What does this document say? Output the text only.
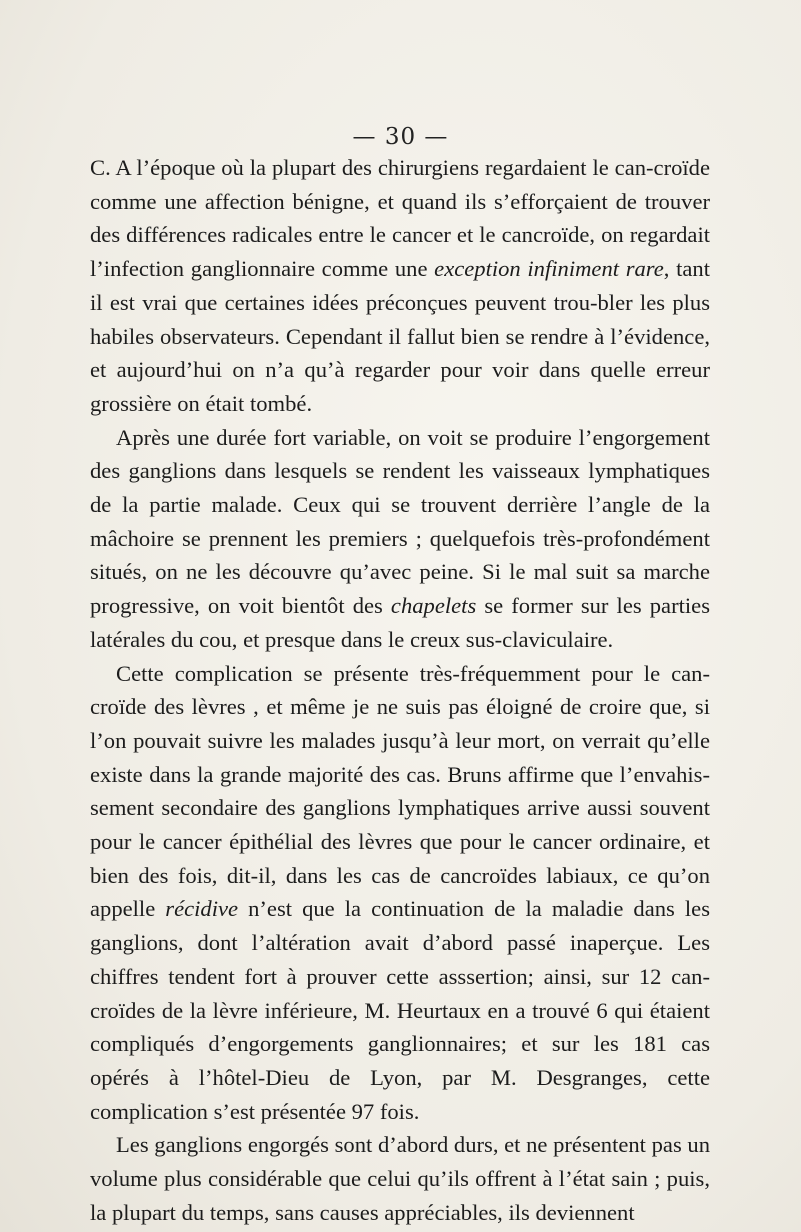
— 30 —

C. A l’époque où la plupart des chirurgiens regardaient le can-croïde comme une affection bénigne, et quand ils s’efforçaient de trouver des différences radicales entre le cancer et le cancroïde, on regardait l’infection ganglionnaire comme une exception infiniment rare, tant il est vrai que certaines idées préconçues peuvent trou-bler les plus habiles observateurs. Cependant il fallut bien se rendre à l’évidence, et aujourd’hui on n’a qu’à regarder pour voir dans quelle erreur grossière on était tombé.

Après une durée fort variable, on voit se produire l’engorgement des ganglions dans lesquels se rendent les vaisseaux lymphatiques de la partie malade. Ceux qui se trouvent derrière l’angle de la mâchoire se prennent les premiers ; quelquefois très-profondément situés, on ne les découvre qu’avec peine. Si le mal suit sa marche progressive, on voit bientôt des chapelets se former sur les parties latérales du cou, et presque dans le creux sus-claviculaire.

Cette complication se présente très-fréquemment pour le can-croïde des lèvres , et même je ne suis pas éloigné de croire que, si l’on pouvait suivre les malades jusqu’à leur mort, on verrait qu’elle existe dans la grande majorité des cas. Bruns affirme que l’envahis-sement secondaire des ganglions lymphatiques arrive aussi souvent pour le cancer épithélial des lèvres que pour le cancer ordinaire, et bien des fois, dit-il, dans les cas de cancroïdes labiaux, ce qu’on appelle récidive n’est que la continuation de la maladie dans les ganglions, dont l’altération avait d’abord passé inaperçue. Les chiffres tendent fort à prouver cette asssertion; ainsi, sur 12 can-croïdes de la lèvre inférieure, M. Heurtaux en a trouvé 6 qui étaient compliqués d’engorgements ganglionnaires; et sur les 181 cas opérés à l’hôtel-Dieu de Lyon, par M. Desgranges, cette complication s’est présentée 97 fois.

Les ganglions engorgés sont d’abord durs, et ne présentent pas un volume plus considérable que celui qu’ils offrent à l’état sain ; puis, la plupart du temps, sans causes appréciables, ils deviennent
